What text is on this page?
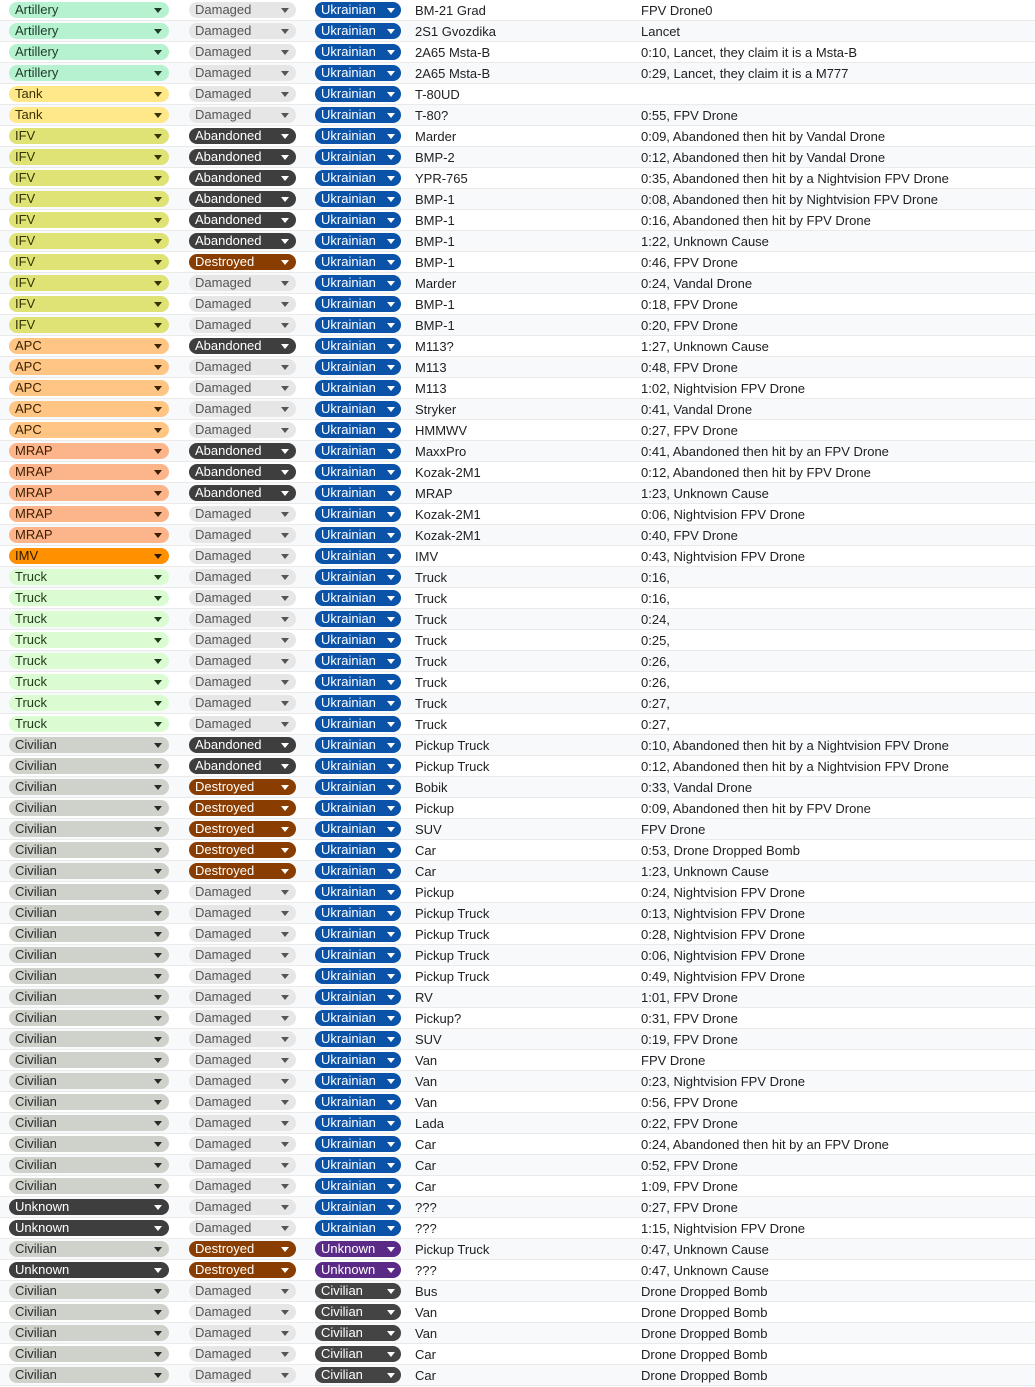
Artillery	Damaged	Ukrainian	BM-21 Grad	FPV Drone0
Artillery	Damaged	Ukrainian	2S1 Gvozdika	Lancet
Artillery	Damaged	Ukrainian	2A65 Msta-B	0:10, Lancet, they claim it is a Msta-B
Artillery	Damaged	Ukrainian	2A65 Msta-B	0:29, Lancet, they claim it is a M777
Tank	Damaged	Ukrainian	T-80UD
Tank	Damaged	Ukrainian	T-80?	0:55, FPV Drone
IFV	Abandoned	Ukrainian	Marder	0:09, Abandoned then hit by Vandal Drone
IFV	Abandoned	Ukrainian	BMP-2	0:12, Abandoned then hit by Vandal Drone
IFV	Abandoned	Ukrainian	YPR-765	0:35, Abandoned then hit by a Nightvision FPV Drone
IFV	Abandoned	Ukrainian	BMP-1	0:08, Abandoned then hit by Nightvision FPV Drone
IFV	Abandoned	Ukrainian	BMP-1	0:16, Abandoned then hit by FPV Drone
IFV	Abandoned	Ukrainian	BMP-1	1:22, Unknown Cause
IFV	Destroyed	Ukrainian	BMP-1	0:46, FPV Drone
IFV	Damaged	Ukrainian	Marder	0:24, Vandal Drone
IFV	Damaged	Ukrainian	BMP-1	0:18, FPV Drone
IFV	Damaged	Ukrainian	BMP-1	0:20, FPV Drone
APC	Abandoned	Ukrainian	M113?	1:27, Unknown Cause
APC	Damaged	Ukrainian	M113	0:48, FPV Drone
APC	Damaged	Ukrainian	M113	1:02, Nightvision FPV Drone
APC	Damaged	Ukrainian	Stryker	0:41, Vandal Drone
APC	Damaged	Ukrainian	HMMWV	0:27, FPV Drone
MRAP	Abandoned	Ukrainian	MaxxPro	0:41, Abandoned then hit by an FPV Drone
MRAP	Abandoned	Ukrainian	Kozak-2M1	0:12, Abandoned then hit by FPV Drone
MRAP	Abandoned	Ukrainian	MRAP	1:23, Unknown Cause
MRAP	Damaged	Ukrainian	Kozak-2M1	0:06, Nightvision FPV Drone
MRAP	Damaged	Ukrainian	Kozak-2M1	0:40, FPV Drone
IMV	Damaged	Ukrainian	IMV	0:43, Nightvision FPV Drone
Truck	Damaged	Ukrainian	Truck	0:16,
Truck	Damaged	Ukrainian	Truck	0:16,
Truck	Damaged	Ukrainian	Truck	0:24,
Truck	Damaged	Ukrainian	Truck	0:25,
Truck	Damaged	Ukrainian	Truck	0:26,
Truck	Damaged	Ukrainian	Truck	0:26,
Truck	Damaged	Ukrainian	Truck	0:27,
Truck	Damaged	Ukrainian	Truck	0:27,
Civilian	Abandoned	Ukrainian	Pickup Truck	0:10, Abandoned then hit by a Nightvision FPV Drone
Civilian	Abandoned	Ukrainian	Pickup Truck	0:12, Abandoned then hit by a Nightvision FPV Drone
Civilian	Destroyed	Ukrainian	Bobik	0:33, Vandal Drone
Civilian	Destroyed	Ukrainian	Pickup	0:09, Abandoned then hit by FPV Drone
Civilian	Destroyed	Ukrainian	SUV	FPV Drone
Civilian	Destroyed	Ukrainian	Car	0:53, Drone Dropped Bomb
Civilian	Destroyed	Ukrainian	Car	1:23, Unknown Cause
Civilian	Damaged	Ukrainian	Pickup	0:24, Nightvision FPV Drone
Civilian	Damaged	Ukrainian	Pickup Truck	0:13, Nightvision FPV Drone
Civilian	Damaged	Ukrainian	Pickup Truck	0:28, Nightvision FPV Drone
Civilian	Damaged	Ukrainian	Pickup Truck	0:06, Nightvision FPV Drone
Civilian	Damaged	Ukrainian	Pickup Truck	0:49, Nightvision FPV Drone
Civilian	Damaged	Ukrainian	RV	1:01, FPV Drone
Civilian	Damaged	Ukrainian	Pickup?	0:31, FPV Drone
Civilian	Damaged	Ukrainian	SUV	0:19, FPV Drone
Civilian	Damaged	Ukrainian	Van	FPV Drone
Civilian	Damaged	Ukrainian	Van	0:23, Nightvision FPV Drone
Civilian	Damaged	Ukrainian	Van	0:56, FPV Drone
Civilian	Damaged	Ukrainian	Lada	0:22, FPV Drone
Civilian	Damaged	Ukrainian	Car	0:24, Abandoned then hit by an FPV Drone
Civilian	Damaged	Ukrainian	Car	0:52, FPV Drone
Civilian	Damaged	Ukrainian	Car	1:09, FPV Drone
Unknown	Damaged	Ukrainian	???	0:27, FPV Drone
Unknown	Damaged	Ukrainian	???	1:15, Nightvision FPV Drone
Civilian	Destroyed	Unknown	Pickup Truck	0:47, Unknown Cause
Unknown	Destroyed	Unknown	???	0:47, Unknown Cause
Civilian	Damaged	Civilian	Bus	Drone Dropped Bomb
Civilian	Damaged	Civilian	Van	Drone Dropped Bomb
Civilian	Damaged	Civilian	Van	Drone Dropped Bomb
Civilian	Damaged	Civilian	Car	Drone Dropped Bomb
Civilian	Damaged	Civilian	Car	Drone Dropped Bomb
